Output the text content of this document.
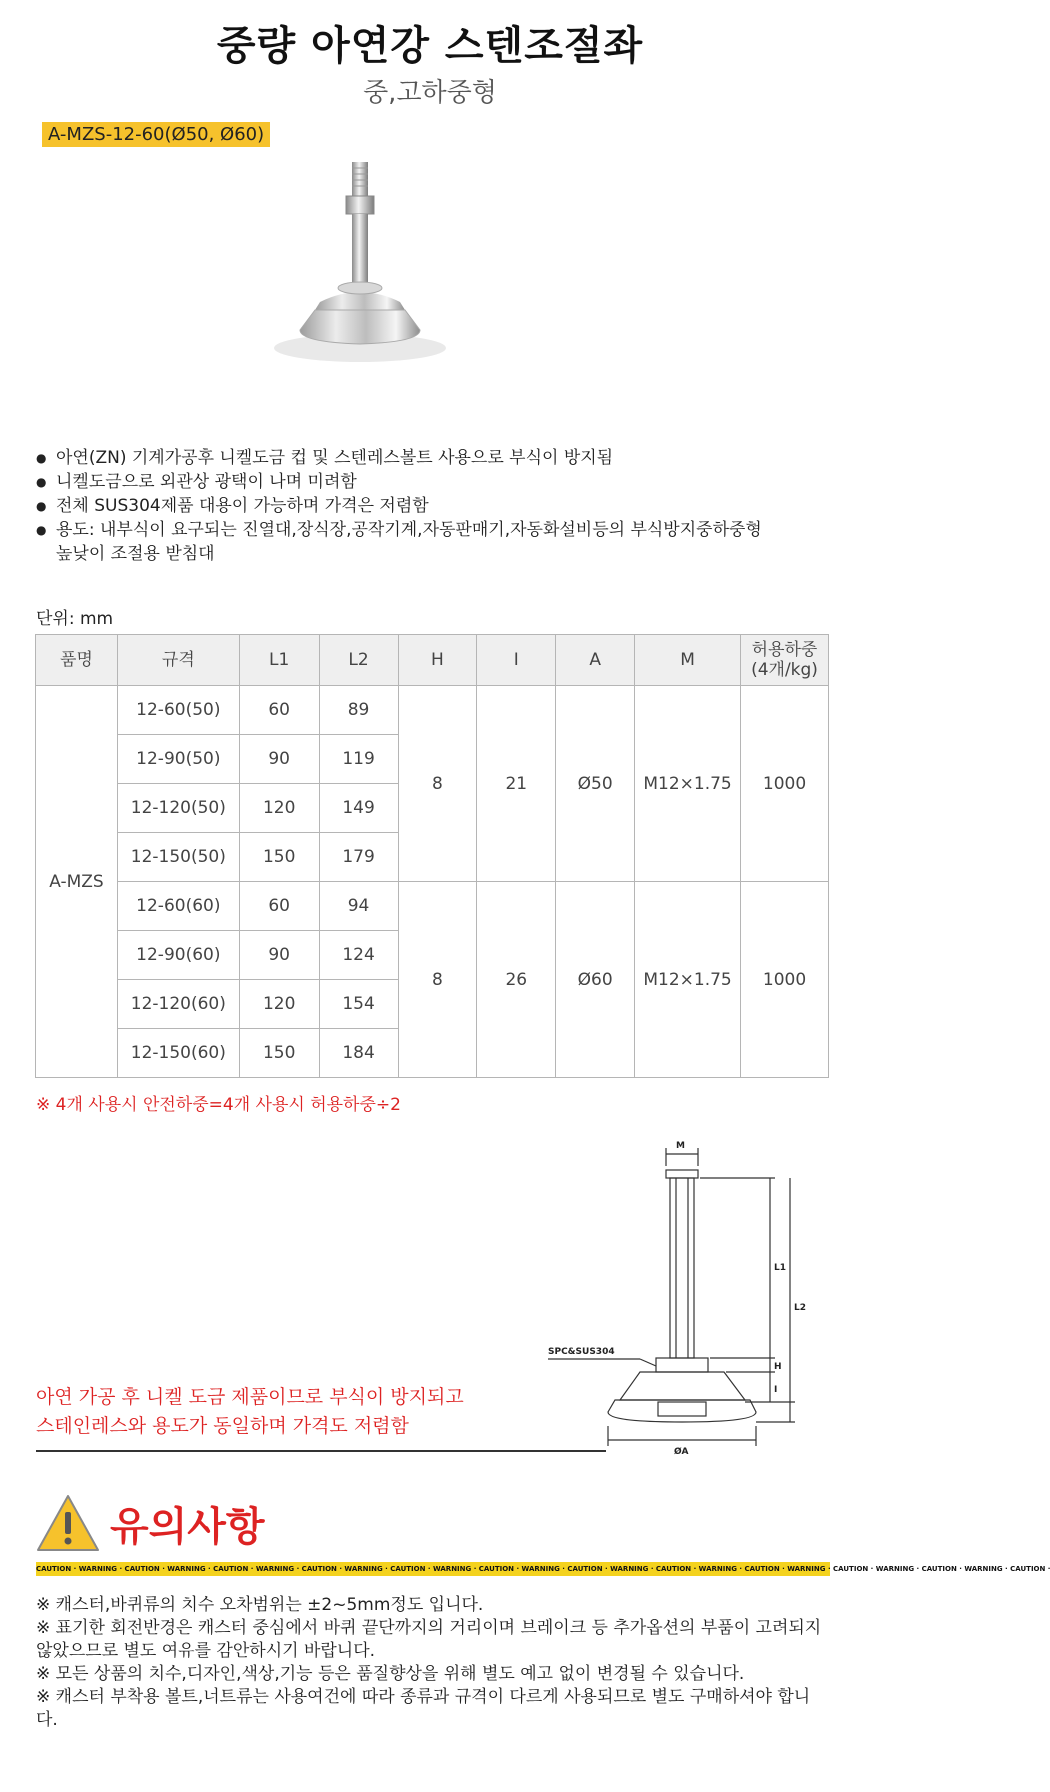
중량 아연강 스텐조절좌
중,고하중형
A-MZS-12-60(Ø50, Ø60)
● 아연(ZN) 기계가공후 니켈도금 컵 및 스텐레스볼트 사용으로 부식이 방지됨
● 니켈도금으로 외관상 광택이 나며 미려함
● 전체 SUS304제품 대용이 가능하며 가격은 저렴함
● 용도: 내부식이 요구되는 진열대,장식장,공작기계,자동판매기,자동화설비등의 부식방지중하중형
높낮이 조절용 받침대
단위: mm
품명	규격	L1	L2	H	I	A	M	허용하중
(4개/kg)
A-MZS	12-60(50)	60	89	8	21	Ø50	M12×1.75	1000
	12-90(50)	90	119					
	12-120(50)	120	149					
	12-150(50)	150	179					
	12-60(60)	60	94	8	26	Ø60	M12×1.75	1000
	12-90(60)	90	124					
	12-120(60)	120	154					
	12-150(60)	150	184					
※ 4개 사용시 안전하중=4개 사용시 허용하중÷2
M
L1
L2
H
I
ØA
SPC&SUS304
아연 가공 후 니켈 도금 제품이므로 부식이 방지되고
스테인레스와 용도가 동일하며 가격도 저렴함
유의사항
CAUTION · WARNING · CAUTION · WARNING · CAUTION · WARNING · CAUTION · WARNING · CAUTION · WARNING · CAUTION · WARNING · CAUTION · WARNING · CAUTION · WARNING · CAUTION · WARNING · CAUTION · WARNING · CAUTION · WARNING · CAUTION ·
※ 캐스터,바퀴류의 치수 오차범위는 ±2~5mm정도 입니다.
※ 표기한 회전반경은 캐스터 중심에서 바퀴 끝단까지의 거리이며 브레이크 등 추가옵션의 부품이 고려되지 않았으므로 별도 여유를 감안하시기 바랍니다.
※ 모든 상품의 치수,디자인,색상,기능 등은 품질향상을 위해 별도 예고 없이 변경될 수 있습니다.
※ 캐스터 부착용 볼트,너트류는 사용여건에 따라 종류과 규격이 다르게 사용되므로 별도 구매하셔야 합니다.
